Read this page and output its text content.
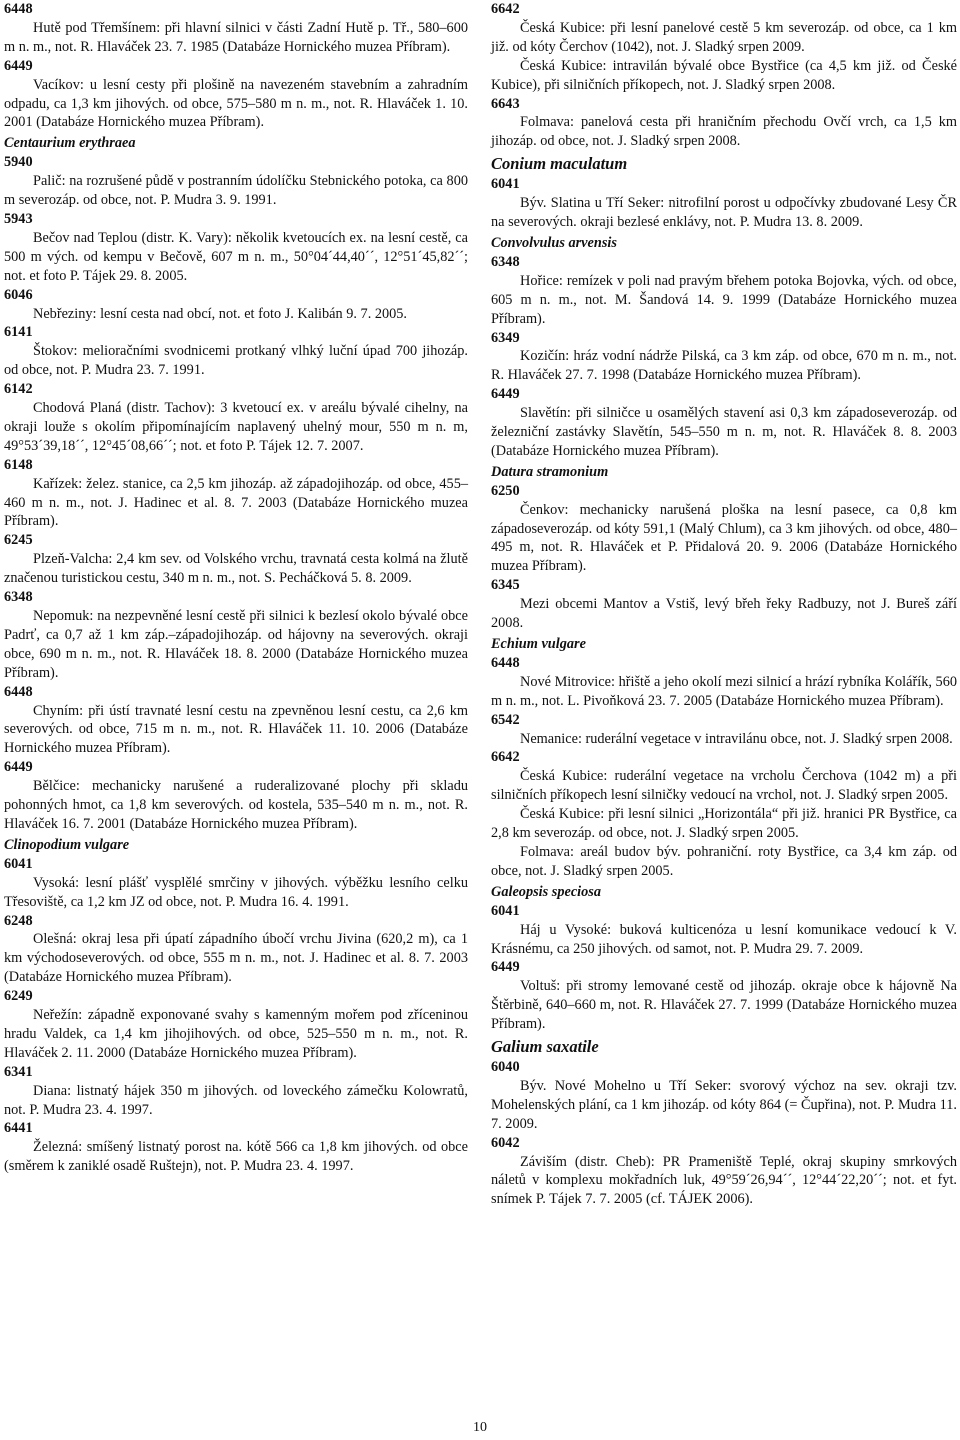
6448
Hutě pod Třemšínem: při hlavní silnici v části Zadní Hutě p. Tř., 580–600 m n. m., not. R. Hlaváček 23. 7. 1985 (Databáze Hornického muzea Příbram).
6449
Vacíkov: u lesní cesty při plošině na navezeném stavebním a zahradním odpadu, ca 1,3 km jihových. od obce, 575–580 m n. m., not. R. Hlaváček 1. 10. 2001 (Databáze Hornického muzea Příbram).
Centaurium erythraea
5940
Palič: na rozrušené půdě v postranním údolíčku Stebnického potoka, ca 800 m severozáp. od obce, not. P. Mudra 3. 9. 1991.
5943
Bečov nad Teplou (distr. K. Vary): několik kvetoucích ex. na lesní cestě, ca 500 m vých. od kempu v Bečově, 607 m n. m., 50°04´44,40´´, 12°51´45,82´´; not. et foto P. Tájek 29. 8. 2005.
6046
Nebřeziny: lesní cesta nad obcí, not. et foto J. Kalibán 9. 7. 2005.
6141
Štokov: melioračními svodnicemi protkaný vlhký luční úpad 700 jihozáp. od obce, not. P. Mudra 23. 7. 1991.
6142
Chodová Planá (distr. Tachov): 3 kvetoucí ex. v areálu bývalé cihelny, na okraji louže s okolím připomínajícím naplavený uhelný mour, 550 m n. m, 49°53´39,18´´, 12°45´08,66´´; not. et foto P. Tájek 12. 7. 2007.
6148
Kařízek: želez. stanice, ca 2,5 km jihozáp. až západojihozáp. od obce, 455–460 m n. m., not. J. Hadinec et al. 8. 7. 2003 (Databáze Hornického muzea Příbram).
6245
Plzeň-Valcha: 2,4 km sev. od Volského vrchu, travnatá cesta kolmá na žlutě značenou turistickou cestu, 340 m n. m., not. S. Pecháčková 5. 8. 2009.
6348
Nepomuk: na nezpevněné lesní cestě při silnici k bezlesí okolo bývalé obce Padrť, ca 0,7 až 1 km záp.–západojihozáp. od hájovny na severových. okraji obce, 690 m n. m., not. R. Hlaváček 18. 8. 2000 (Databáze Hornického muzea Příbram).
6448
Chyním: při ústí travnaté lesní cestu na zpevněnou lesní cestu, ca 2,6 km severových. od obce, 715 m n. m., not. R. Hlaváček 11. 10. 2006 (Databáze Hornického muzea Příbram).
6449
Bělčice: mechanicky narušené a ruderalizované plochy při skladu pohonných hmot, ca 1,8 km severových. od kostela, 535–540 m n. m., not. R. Hlaváček 16. 7. 2001 (Databáze Hornického muzea Příbram).
Clinopodium vulgare
6041
Vysoká: lesní plášť vysplělé smrčiny v jihových. výběžku lesního celku Třesoviště, ca 1,2 km JZ od obce, not. P. Mudra 16. 4. 1991.
6248
Olešná: okraj lesa při úpatí západního úbočí vrchu Jivina (620,2 m), ca 1 km východoseverových. od obce, 555 m n. m., not. J. Hadinec et al. 8. 7. 2003 (Databáze Hornického muzea Příbram).
6249
Neřežín: západně exponované svahy s kamenným mořem pod zříceninou hradu Valdek, ca 1,4 km jihojihových. od obce, 525–550 m n. m., not. R. Hlaváček 2. 11. 2000 (Databáze Hornického muzea Příbram).
6341
Diana: listnatý hájek 350 m jihových. od loveckého zámečku Kolowratů, not. P. Mudra 23. 4. 1997.
6441
Železná: smíšený listnatý porost na. kótě 566 ca 1,8 km jihových. od obce (směrem k zaniklé osadě Ruštejn), not. P. Mudra 23. 4. 1997.
6642
Česká Kubice: při lesní panelové cestě 5 km severozáp. od obce, ca 1 km již. od kóty Čerchov (1042), not. J. Sladký srpen 2009.
Česká Kubice: intravilán bývalé obce Bystřice (ca 4,5 km již. od České Kubice), při silničních příkopech, not. J. Sladký srpen 2008.
6643
Folmava: panelová cesta při hraničním přechodu Ovčí vrch, ca 1,5 km jihozáp. od obce, not. J. Sladký srpen 2008.
Conium maculatum
6041
Býv. Slatina u Tří Seker: nitrofilní porost u odpočívky zbudované Lesy ČR na severových. okraji bezlesé enklávy, not. P. Mudra 13. 8. 2009.
Convolvulus arvensis
6348
Hořice: remízek v poli nad pravým břehem potoka Bojovka, vých. od obce, 605 m n. m., not. M. Šandová 14. 9. 1999 (Databáze Hornického muzea Příbram).
6349
Kozičín: hráz vodní nádrže Pilská, ca 3 km záp. od obce, 670 m n. m., not. R. Hlaváček 27. 7. 1998 (Databáze Hornického muzea Příbram).
6449
Slavětín: při silničce u osamělých stavení asi 0,3 km západoseverozáp. od železniční zastávky Slavětín, 545–550 m n. m, not. R. Hlaváček 8. 8. 2003 (Databáze Hornického muzea Příbram).
Datura stramonium
6250
Čenkov: mechanicky narušená ploška na lesní pasece, ca 0,8 km západoseverozáp. od kóty 591,1 (Malý Chlum), ca 3 km jihových. od obce, 480–495 m, not. R. Hlaváček et P. Přidalová 20. 9. 2006 (Databáze Hornického muzea Příbram).
6345
Mezi obcemi Mantov a Vstiš, levý břeh řeky Radbuzy, not J. Bureš září 2008.
Echium vulgare
6448
Nové Mitrovice: hřiště a jeho okolí mezi silnicí a hrází rybníka Kolářík, 560 m n. m., not. L. Pivoňková 23. 7. 2005 (Databáze Hornického muzea Příbram).
6542
Nemanice: ruderální vegetace v intravilánu obce, not. J. Sladký srpen 2008.
6642
Česká Kubice: ruderální vegetace na vrcholu Čerchova (1042 m) a při silničních příkopech lesní silničky vedoucí na vrchol, not. J. Sladký srpen 2005.
Česká Kubice: při lesní silnici „Horizontála“ při již. hranici PR Bystřice, ca 2,8 km severozáp. od obce, not. J. Sladký srpen 2005.
Folmava: areál budov býv. pohraniční. roty Bystřice, ca 3,4 km záp. od obce, not. J. Sladký srpen 2005.
Galeopsis speciosa
6041
Háj u Vysoké: buková kulticenóza u lesní komunikace vedoucí k V. Krásnému, ca 250 jihových. od samot, not. P. Mudra 29. 7. 2009.
6449
Voltuš: při stromy lemované cestě od jihozáp. okraje obce k hájovně Na Štěrbině, 640–660 m, not. R. Hlaváček 27. 7. 1999 (Databáze Hornického muzea Příbram).
Galium saxatile
6040
Býv. Nové Mohelno u Tří Seker: svorový výchoz na sev. okraji tzv. Mohelenských plání, ca 1 km jihozáp. od kóty 864 (= Čupřina), not. P. Mudra 11. 7. 2009.
6042
Záviším (distr. Cheb): PR Prameniště Teplé, okraj skupiny smrkových náletů v komplexu mokřadních luk, 49°59´26,94´´, 12°44´22,20´´; not. et fyt. snímek P. Tájek 7. 7. 2005 (cf. TÁJEK 2006).
10
